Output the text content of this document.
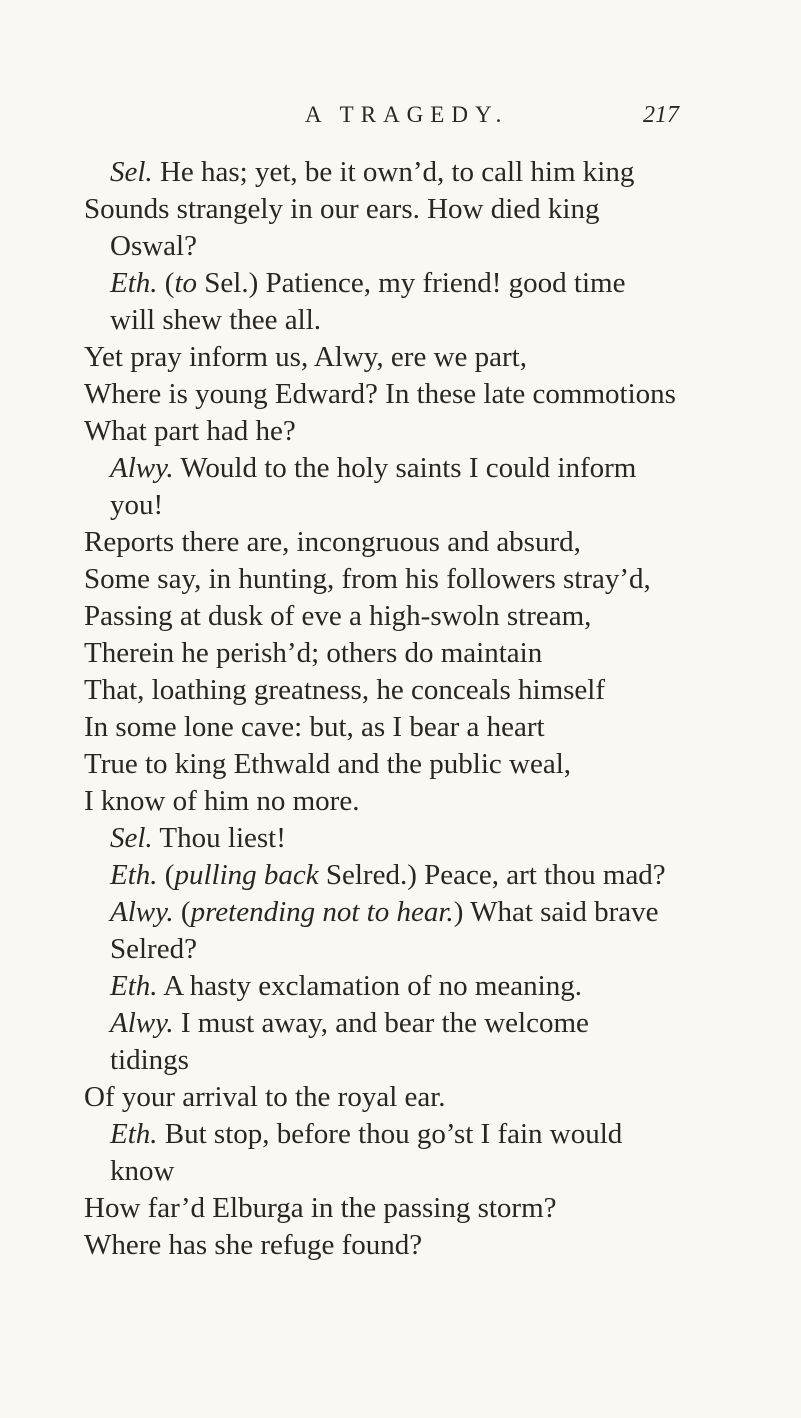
A TRAGEDY.	217
Sel. He has; yet, be it own’d, to call him king
Sounds strangely in our ears. How died king
Oswal?
Eth. (to Sel.) Patience, my friend! good time
will shew thee all.
Yet pray inform us, Alwy, ere we part,
Where is young Edward? In these late commotions
What part had he?
Alwy. Would to the holy saints I could inform
you!
Reports there are, incongruous and absurd,
Some say, in hunting, from his followers stray’d,
Passing at dusk of eve a high-swoln stream,
Therein he perish’d; others do maintain
That, loathing greatness, he conceals himself
In some lone cave: but, as I bear a heart
True to king Ethwald and the public weal,
I know of him no more.
Sel. Thou liest!
Eth. (pulling back Selred.) Peace, art thou mad?
Alwy. (pretending not to hear.) What said brave
Selred?
Eth. A hasty exclamation of no meaning.
Alwy. I must away, and bear the welcome
tidings
Of your arrival to the royal ear.
Eth. But stop, before thou go’st I fain would
know
How far’d Elburga in the passing storm?
Where has she refuge found?
